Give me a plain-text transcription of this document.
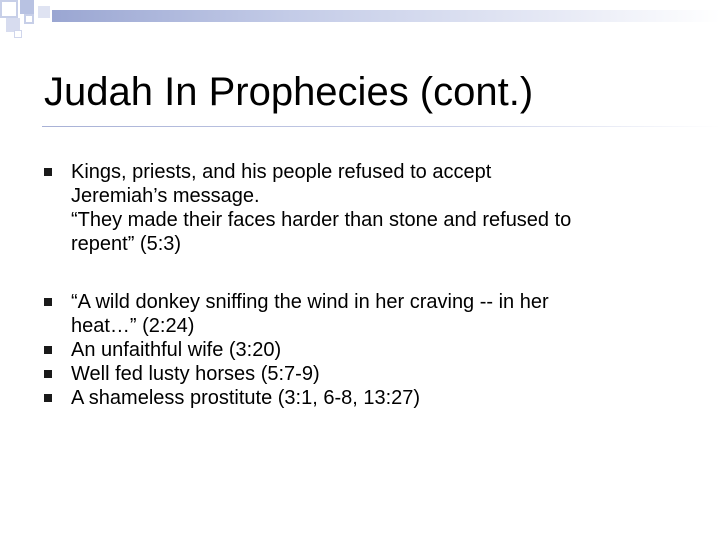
Judah In Prophecies (cont.)
Kings, priests, and his people refused to accept
Jeremiah’s message.
“They made their faces harder than stone and refused to
repent” (5:3)
“A wild donkey sniffing the wind in her craving -- in her
heat…” (2:24)
An unfaithful wife (3:20)
Well fed lusty horses (5:7-9)
A shameless prostitute (3:1, 6-8, 13:27)
